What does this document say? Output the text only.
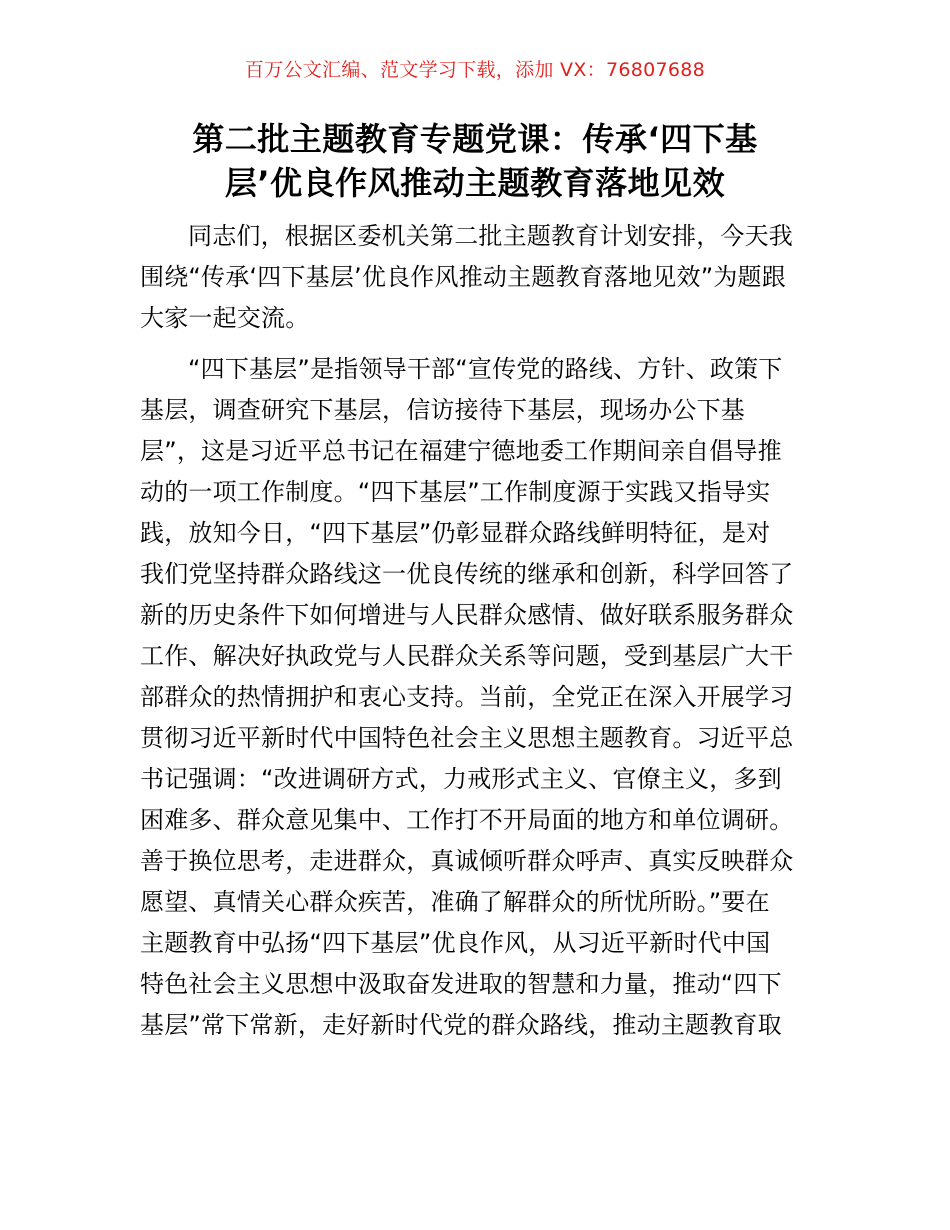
百万公文汇编、范文学习下载，添加 VX：76807688
第二批主题教育专题党课：传承‘四下基
层’优良作风推动主题教育落地见效
同志们，根据区委机关第二批主题教育计划安排，今天我
围绕“传承‘四下基层’优良作风推动主题教育落地见效”为题跟
大家一起交流。
“四下基层”是指领导干部“宣传党的路线、方针、政策下
基层，调查研究下基层，信访接待下基层，现场办公下基
层”，这是习近平总书记在福建宁德地委工作期间亲自倡导推
动的一项工作制度。“四下基层”工作制度源于实践又指导实
践，放知今日，“四下基层”仍彰显群众路线鲜明特征，是对
我们党坚持群众路线这一优良传统的继承和创新，科学回答了
新的历史条件下如何增进与人民群众感情、做好联系服务群众
工作、解决好执政党与人民群众关系等问题，受到基层广大干
部群众的热情拥护和衷心支持。当前，全党正在深入开展学习
贯彻习近平新时代中国特色社会主义思想主题教育。习近平总
书记强调：“改进调研方式，力戒形式主义、官僚主义，多到
困难多、群众意见集中、工作打不开局面的地方和单位调研。
善于换位思考，走进群众，真诚倾听群众呼声、真实反映群众
愿望、真情关心群众疾苦，准确了解群众的所忧所盼。”要在
主题教育中弘扬“四下基层”优良作风，从习近平新时代中国
特色社会主义思想中汲取奋发进取的智慧和力量，推动“四下
基层”常下常新，走好新时代党的群众路线，推动主题教育取
